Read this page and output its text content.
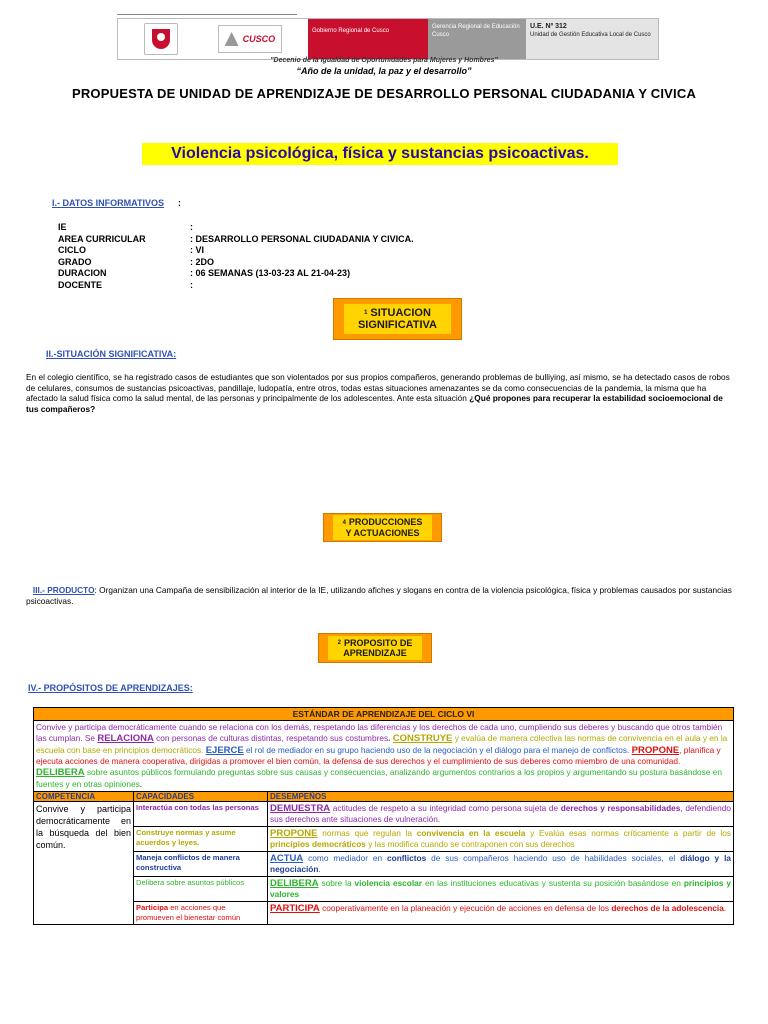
CUSCO
Gobierno Regional de Cusco
Gerencia Regional de Educación Cusco
U.E. Nº 312
Unidad de Gestión Educativa Local de Cusco
"Decenio de la Igualdad de Oportunidades para Mujeres y Hombres"
“Año de la unidad, la paz y el desarrollo”
PROPUESTA DE UNIDAD DE APRENDIZAJE DE DESARROLLO PERSONAL CIUDADANIA Y CIVICA
Violencia psicológica, física y sustancias psicoactivas.
I.- DATOS INFORMATIVOS :
IE	:
AREA CURRICULAR	: DESARROLLO PERSONAL CIUDADANIA Y CIVICA.
CICLO	: VI
GRADO	: 2DO
DURACION	: 06 SEMANAS (13-03-23 AL 21-04-23)
DOCENTE	:
1 SITUACION
SIGNIFICATIVA
II.-SITUACIÓN SIGNIFICATIVA:
En el colegio científico, se ha registrado casos de estudiantes que son violentados por sus propios compañeros, generando problemas de bulliying, así mismo, se ha detectado casos de robos de celulares, consumos de sustancias psicoactivas, pandillaje, ludopatía, entre otros, todas estas situaciones amenazantes se da como consecuencias de la pandemia, la misma que ha afectado la salud física como la salud mental, de las personas y principalmente de los adolescentes. Ante esta situación ¿Qué propones para recuperar la estabilidad socioemocional de tus compañeros?
4 PRODUCCIONES
Y ACTUACIONES
III.- PRODUCTO: Organizan una Campaña de sensibilización al interior de la IE, utilizando afiches y slogans en contra de la violencia psicológica, física y problemas causados por sustancias psicoactivas.
2 PROPOSITO DE
APRENDIZAJE
IV.- PROPÓSITOS DE APRENDIZAJES:
ESTÁNDAR DE APRENDIZAJE DEL CICLO VI		
Convive y participa democráticamente cuando se relaciona con los demás, respetando las diferencias y los derechos de cada uno, cumpliendo sus deberes y buscando que otros también las cumplan. Se RELACIONA con personas de culturas distintas, respetando sus costumbres. CONSTRUYE y evalúa de manera colectiva las normas de convivencia en el aula y en la escuela con base en principios democráticos. EJERCE el rol de mediador en su grupo haciendo uso de la negociación y el diálogo para el manejo de conflictos. PROPONE, planifica y ejecuta acciones de manera cooperativa, dirigidas a promover el bien común, la defensa de sus derechos y el cumplimiento de sus deberes como miembro de una comunidad. DELIBERA sobre asuntos públicos formulando preguntas sobre sus causas y consecuencias, analizando argumentos contrarios a los propios y argumentando su postura basándose en fuentes y en otras opiniones.		
COMPETENCIA	CAPACIDADES	DESEMPEÑOS
Convive y participa democráticamente en la búsqueda del bien común.	Interactúa con todas las personas	DEMUESTRA actitudes de respeto a su integridad como persona sujeta de derechos y responsabilidades, defendiendo sus derechos ante situaciones de vulneración.
	Construye normas y asume acuerdos y leyes.	PROPONE normas que regulan la convivencia en la escuela y Evalúa esas normas críticamente a partir de los principios democráticos y las modifica cuando se contraponen con sus derechos
	Maneja conflictos de manera constructiva	ACTUA como mediador en conflictos de sus compañeros haciendo uso de habilidades sociales, el diálogo y la negociación.
	Delibera sobre asuntos públicos	DELIBERA sobre la violencia escolar en las instituciones educativas y sustenta su posición basándose en principios y valores
	Participa en acciones que promueven el bienestar común	PARTICIPA cooperativamente en la planeación y ejecución de acciones en defensa de los derechos de la adolescencia.
